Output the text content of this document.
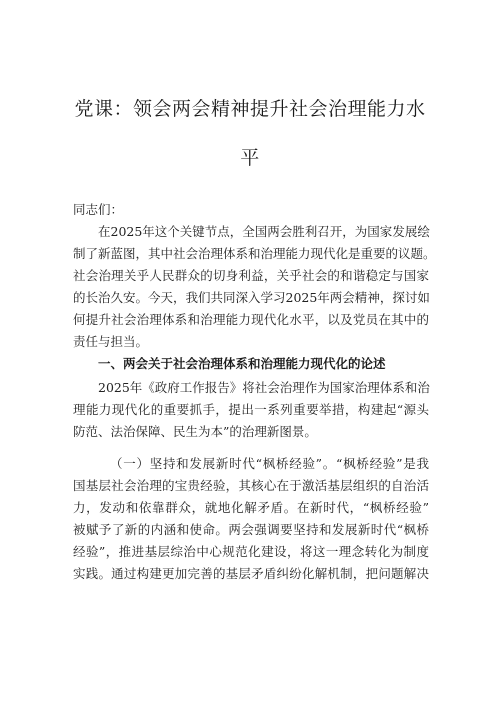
党课：领会两会精神提升社会治理能力水
平
同志们：
在2025年这个关键节点，全国两会胜利召开，为国家发展绘
制了新蓝图，其中社会治理体系和治理能力现代化是重要的议题。
社会治理关乎人民群众的切身利益，关乎社会的和谐稳定与国家
的长治久安。今天，我们共同深入学习2025年两会精神，探讨如
何提升社会治理体系和治理能力现代化水平，以及党员在其中的
责任与担当。
一、两会关于社会治理体系和治理能力现代化的论述
2025年《政府工作报告》将社会治理作为国家治理体系和治
理能力现代化的重要抓手，提出一系列重要举措，构建起“源头
防范、法治保障、民生为本”的治理新图景。
（一）坚持和发展新时代“枫桥经验”。“枫桥经验”是我
国基层社会治理的宝贵经验，其核心在于激活基层组织的自治活
力，发动和依靠群众，就地化解矛盾。在新时代，“枫桥经验”
被赋予了新的内涵和使命。两会强调要坚持和发展新时代“枫桥
经验”，推进基层综治中心规范化建设，将这一理念转化为制度
实践。通过构建更加完善的基层矛盾纠纷化解机制，把问题解决
